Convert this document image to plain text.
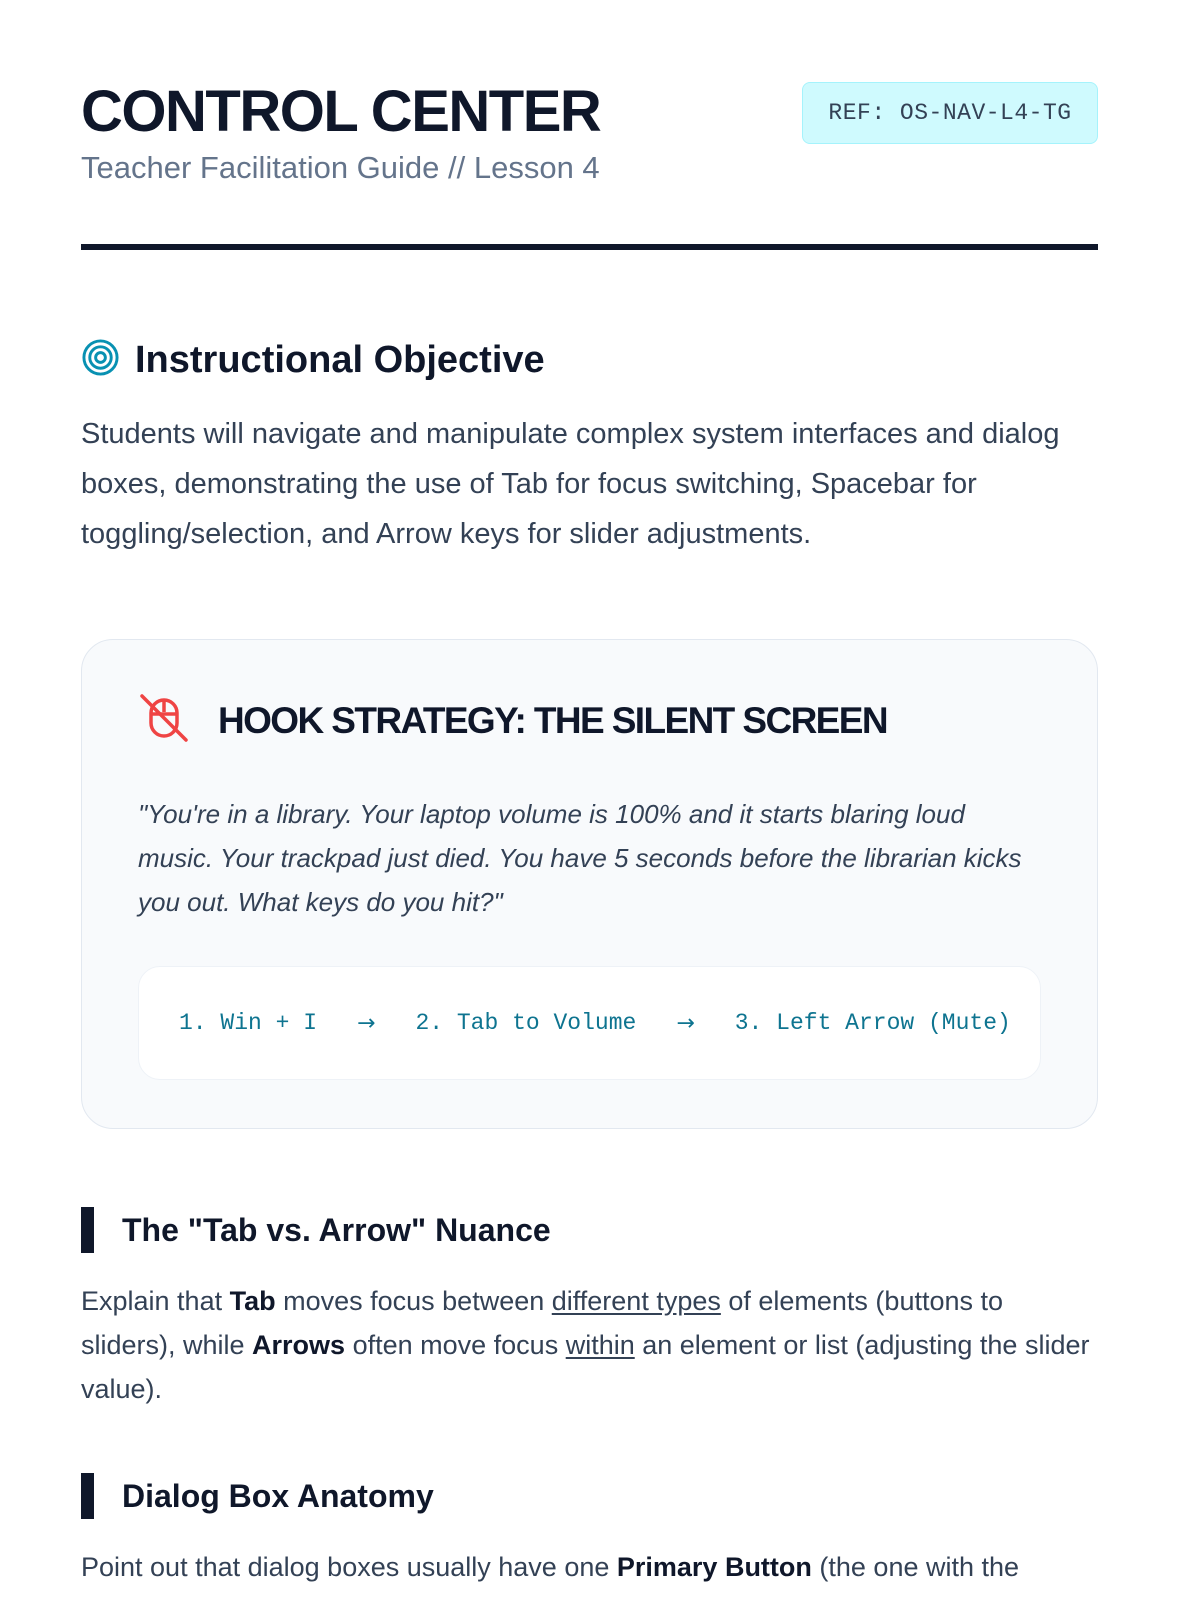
CONTROL CENTER
Teacher Facilitation Guide // Lesson 4
REF: OS-NAV-L4-TG
Instructional Objective

Students will navigate and manipulate complex system interfaces and dialog boxes, demonstrating the use of Tab for focus switching, Spacebar for toggling/selection, and Arrow keys for slider adjustments.

HOOK STRATEGY: THE SILENT SCREEN

"You're in a library. Your laptop volume is 100% and it starts blaring loud music. Your trackpad just died. You have 5 seconds before the librarian kicks you out. What keys do you hit?"

1. Win + I → 2. Tab to Volume → 3. Left Arrow (Mute)
The "Tab vs. Arrow" Nuance

Explain that Tab moves focus between different types of elements (buttons to sliders), while Arrows often move focus within an element or list (adjusting the slider value).

Dialog Box Anatomy

Point out that dialog boxes usually have one Primary Button (the one with the
